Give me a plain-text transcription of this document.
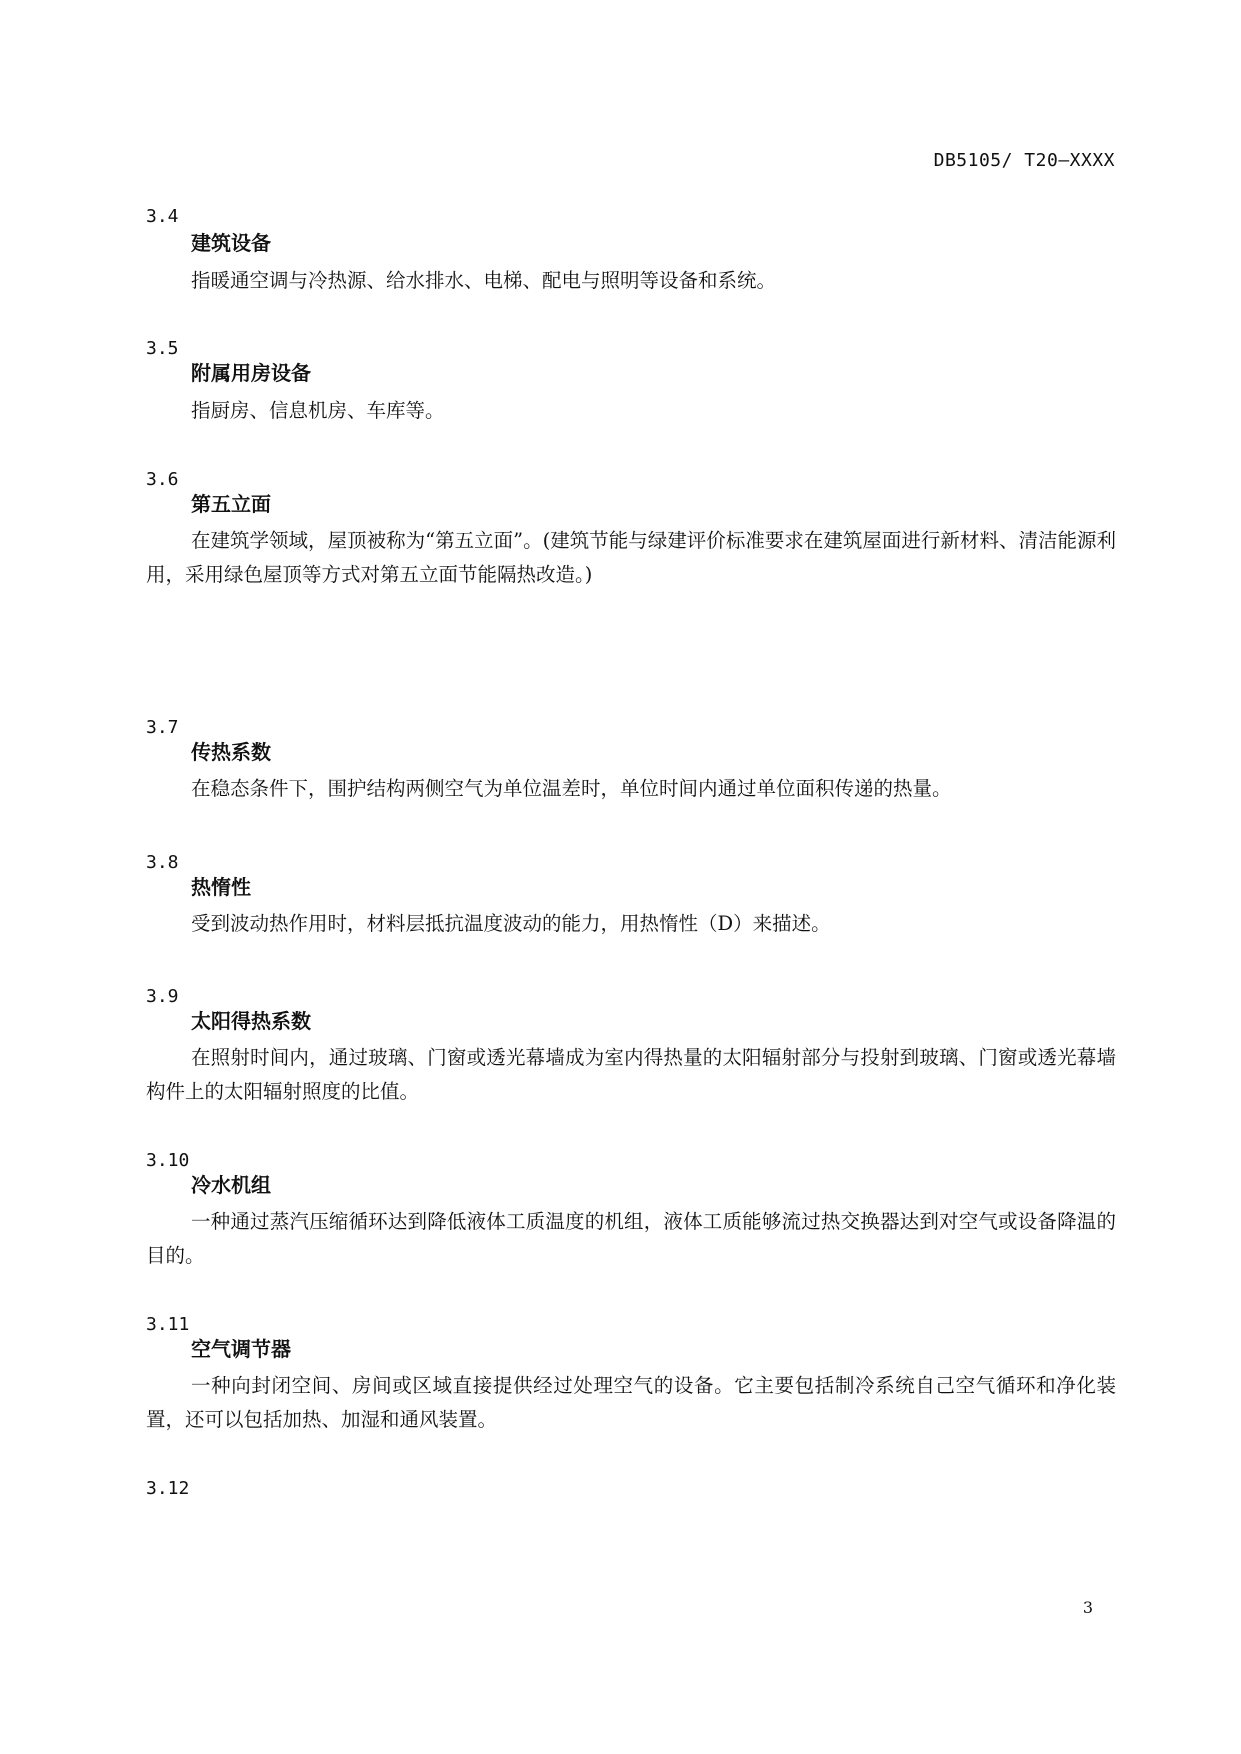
DB5105/ T20—XXXX
3.4
建筑设备
指暖通空调与冷热源、给水排水、电梯、配电与照明等设备和系统。
3.5
附属用房设备
指厨房、信息机房、车库等。
3.6
第五立面
在建筑学领域，屋顶被称为“第五立面”。(建筑节能与绿建评价标准要求在建筑屋面进行新材料、清洁能源利用，采用绿色屋顶等方式对第五立面节能隔热改造。)
3.7
传热系数
在稳态条件下，围护结构两侧空气为单位温差时，单位时间内通过单位面积传递的热量。
3.8
热惰性
受到波动热作用时，材料层抵抗温度波动的能力，用热惰性（D）来描述。
3.9
太阳得热系数
在照射时间内，通过玻璃、门窗或透光幕墙成为室内得热量的太阳辐射部分与投射到玻璃、门窗或透光幕墙构件上的太阳辐射照度的比值。
3.10
冷水机组
一种通过蒸汽压缩循环达到降低液体工质温度的机组，液体工质能够流过热交换器达到对空气或设备降温的目的。
3.11
空气调节器
一种向封闭空间、房间或区域直接提供经过处理空气的设备。它主要包括制冷系统自己空气循环和净化装置，还可以包括加热、加湿和通风装置。
3.12
3
